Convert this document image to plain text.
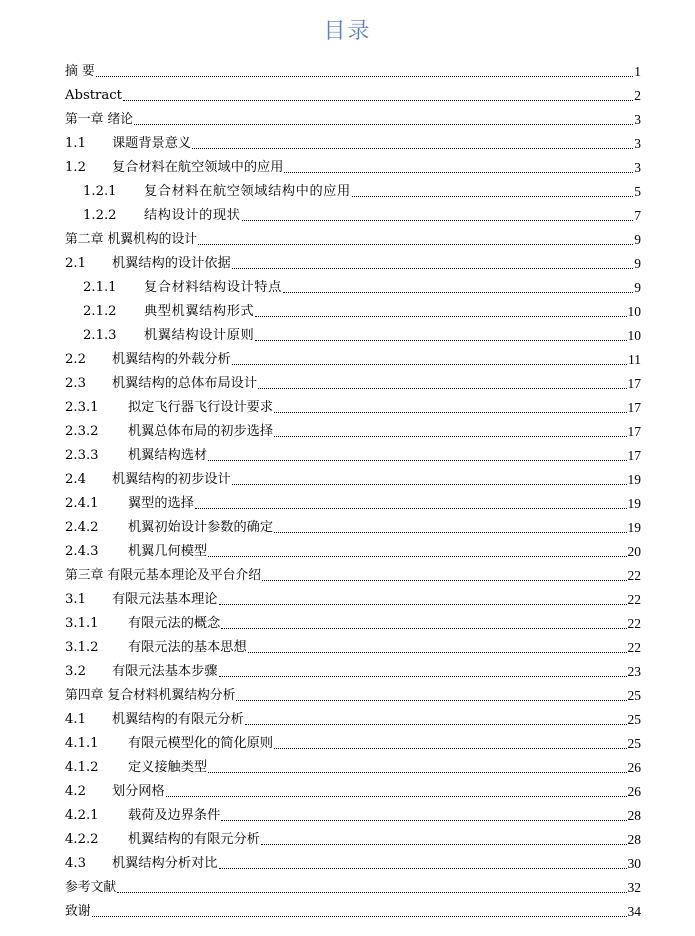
目录
摘 要	1
Abstract	2
第一章 绪论	3
1.1	课题背景意义	3
1.2	复合材料在航空领域中的应用	3
1.2.1	复合材料在航空领域结构中的应用	5
1.2.2	结构设计的现状	7
第二章 机翼机构的设计	9
2.1	机翼结构的设计依据	9
2.1.1	复合材料结构设计特点	9
2.1.2	典型机翼结构形式	10
2.1.3	机翼结构设计原则	10
2.2	机翼结构的外载分析	11
2.3	机翼结构的总体布局设计	17
2.3.1	拟定飞行器飞行设计要求	17
2.3.2	机翼总体布局的初步选择	17
2.3.3	机翼结构选材	17
2.4	机翼结构的初步设计	19
2.4.1	翼型的选择	19
2.4.2	机翼初始设计参数的确定	19
2.4.3	机翼几何模型	20
第三章 有限元基本理论及平台介绍	22
3.1	有限元法基本理论	22
3.1.1	有限元法的概念	22
3.1.2	有限元法的基本思想	22
3.2	有限元法基本步骤	23
第四章 复合材料机翼结构分析	25
4.1	机翼结构的有限元分析	25
4.1.1	有限元模型化的简化原则	25
4.1.2	定义接触类型	26
4.2	划分网格	26
4.2.1	载荷及边界条件	28
4.2.2	机翼结构的有限元分析	28
4.3	机翼结构分析对比	30
参考文献	32
致谢	34
